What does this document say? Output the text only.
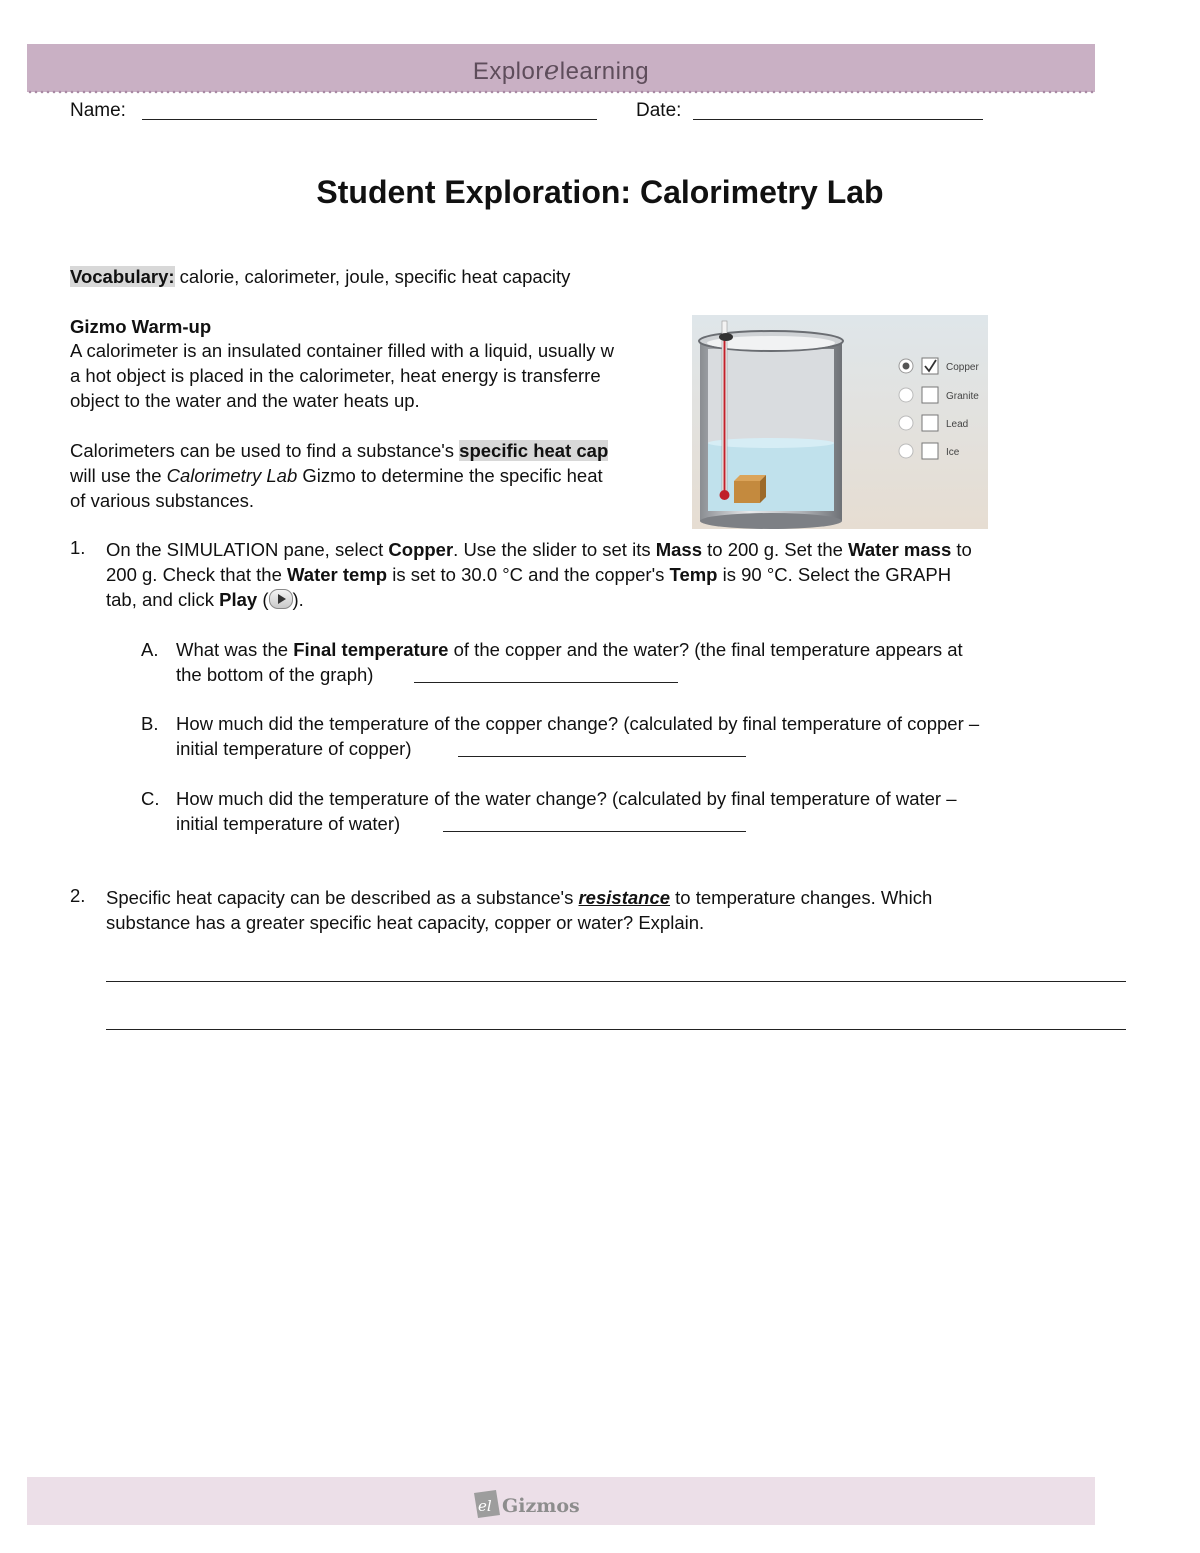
Explorelearning
Name:	Date:
Student Exploration: Calorimetry Lab
Vocabulary: calorie, calorimeter, joule, specific heat capacity
Gizmo Warm-up
A calorimeter is an insulated container filled with a liquid, usually w
a hot object is placed in the calorimeter, heat energy is transferre
object to the water and the water heats up.
Calorimeters can be used to find a substance's specific heat cap
will use the Calorimetry Lab Gizmo to determine the specific heat
of various substances.
Copper
Granite
Lead
Ice
1. On the SIMULATION pane, select Copper. Use the slider to set its Mass to 200 g. Set the Water mass to
200 g. Check that the Water temp is set to 30.0 °C and the copper's Temp is 90 °C. Select the GRAPH
tab, and click Play ( ).
A. What was the Final temperature of the copper and the water? (the final temperature appears at
the bottom of the graph)
B. How much did the temperature of the copper change? (calculated by final temperature of copper –
initial temperature of copper)
C. How much did the temperature of the water change? (calculated by final temperature of water –
initial temperature of water)
2. Specific heat capacity can be described as a substance's resistance to temperature changes. Which
substance has a greater specific heat capacity, copper or water? Explain.
el Gizmos
